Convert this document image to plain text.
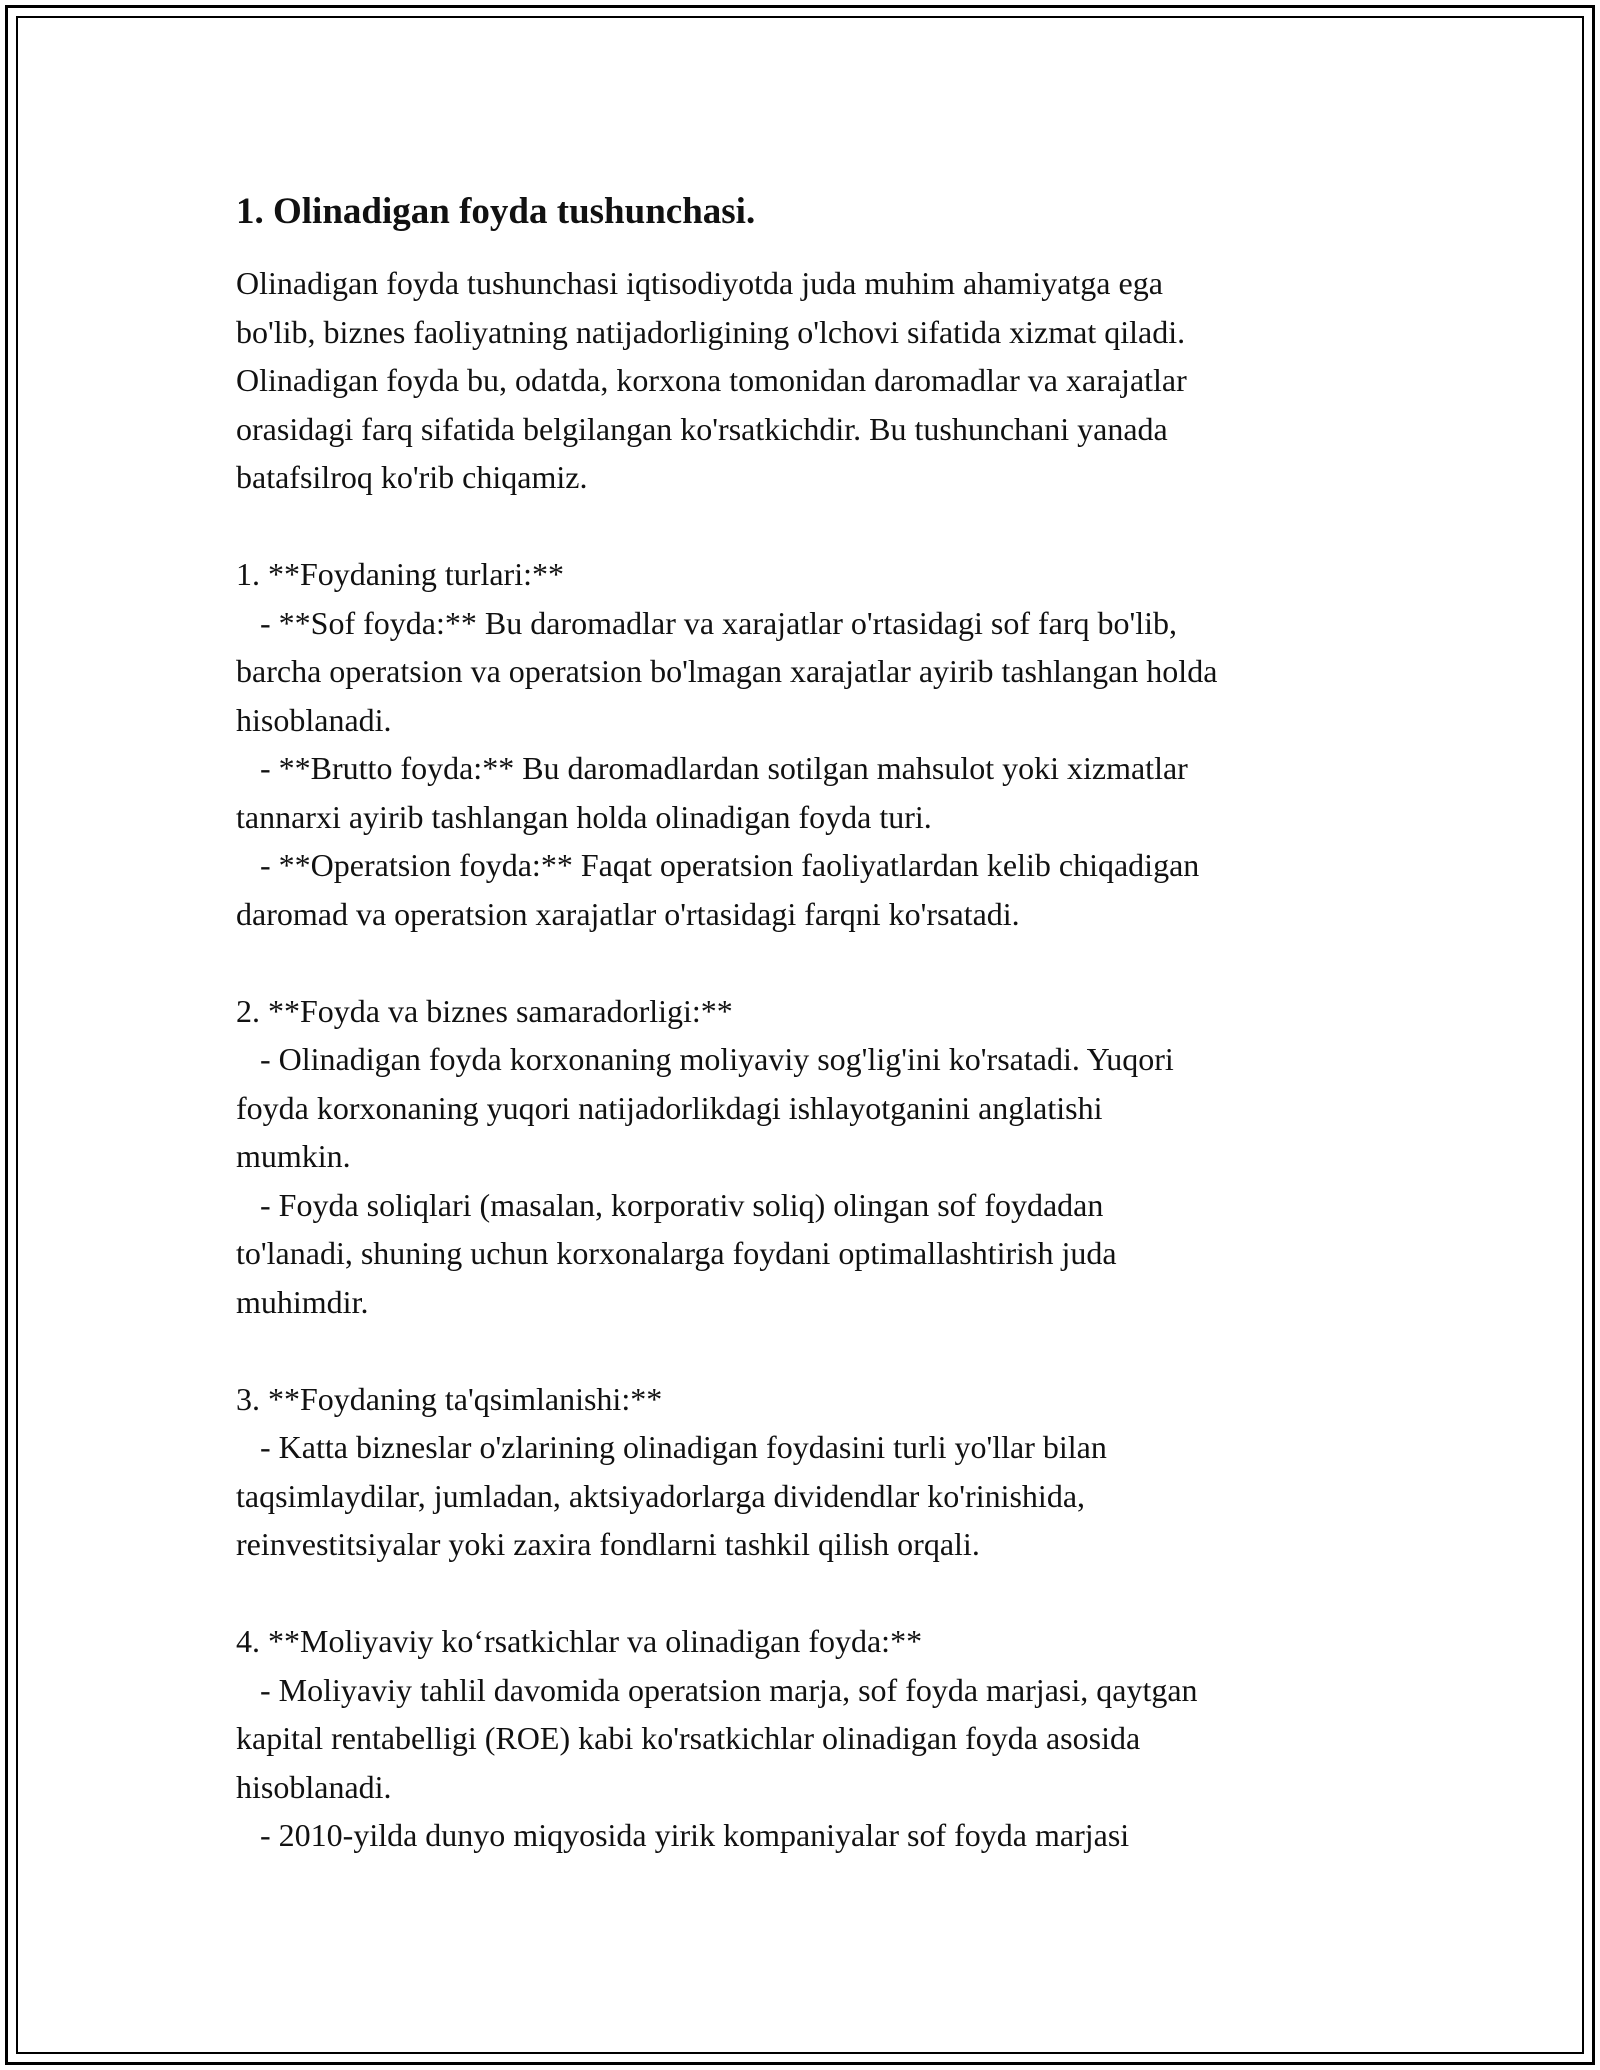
1. Olinadigan foyda tushunchasi.
Olinadigan foyda tushunchasi iqtisodiyotda juda muhim ahamiyatga ega
bo'lib, biznes faoliyatning natijadorligining o'lchovi sifatida xizmat qiladi.
Olinadigan foyda bu, odatda, korxona tomonidan daromadlar va xarajatlar
orasidagi farq sifatida belgilangan ko'rsatkichdir. Bu tushunchani yanada
batafsilroq ko'rib chiqamiz.
1. **Foydaning turlari:**
- **Sof foyda:** Bu daromadlar va xarajatlar o'rtasidagi sof farq bo'lib,
barcha operatsion va operatsion bo'lmagan xarajatlar ayirib tashlangan holda
hisoblanadi.
- **Brutto foyda:** Bu daromadlardan sotilgan mahsulot yoki xizmatlar
tannarxi ayirib tashlangan holda olinadigan foyda turi.
- **Operatsion foyda:** Faqat operatsion faoliyatlardan kelib chiqadigan
daromad va operatsion xarajatlar o'rtasidagi farqni ko'rsatadi.
2. **Foyda va biznes samaradorligi:**
- Olinadigan foyda korxonaning moliyaviy sog'lig'ini ko'rsatadi. Yuqori
foyda korxonaning yuqori natijadorlikdagi ishlayotganini anglatishi
mumkin.
- Foyda soliqlari (masalan, korporativ soliq) olingan sof foydadan
to'lanadi, shuning uchun korxonalarga foydani optimallashtirish juda
muhimdir.
3. **Foydaning ta'qsimlanishi:**
- Katta bizneslar o'zlarining olinadigan foydasini turli yo'llar bilan
taqsimlaydilar, jumladan, aktsiyadorlarga dividendlar ko'rinishida,
reinvestitsiyalar yoki zaxira fondlarni tashkil qilish orqali.
4. **Moliyaviy ko‘rsatkichlar va olinadigan foyda:**
- Moliyaviy tahlil davomida operatsion marja, sof foyda marjasi, qaytgan
kapital rentabelligi (ROE) kabi ko'rsatkichlar olinadigan foyda asosida
hisoblanadi.
- 2010-yilda dunyo miqyosida yirik kompaniyalar sof foyda marjasi
